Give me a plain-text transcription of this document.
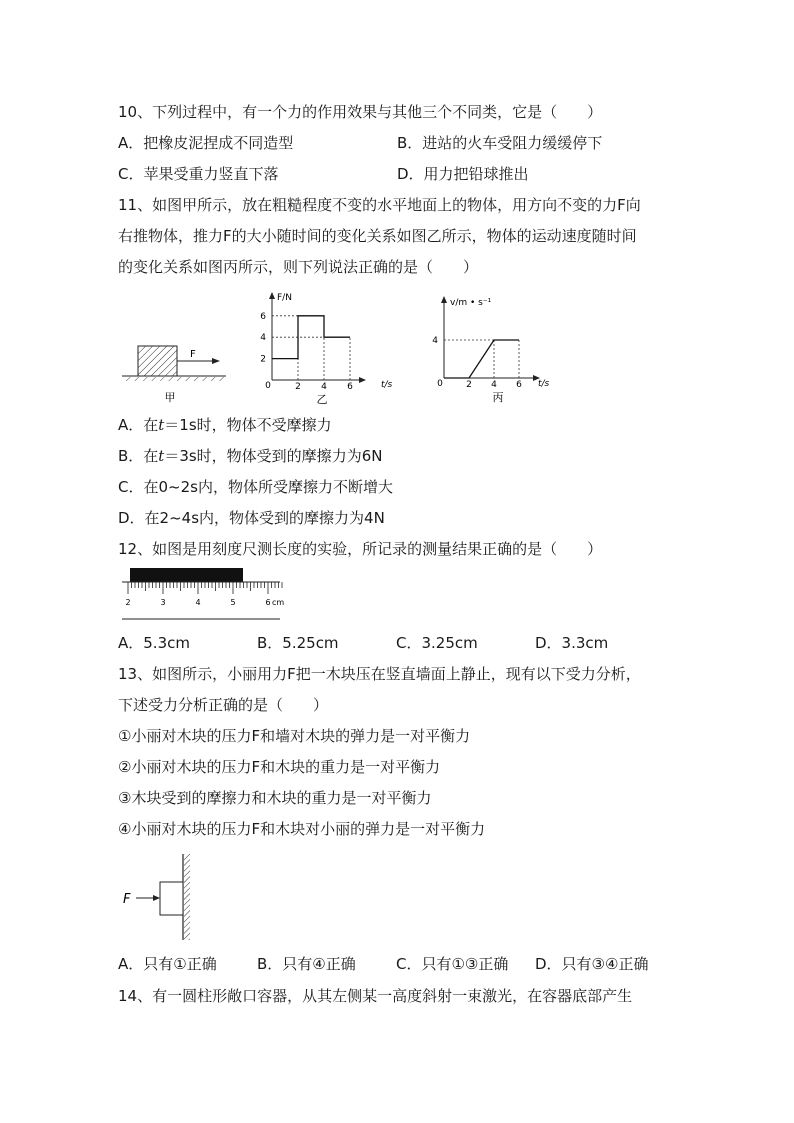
10、下列过程中，有一个力的作用效果与其他三个不同类，它是（　　）
A．把橡皮泥捏成不同造型	B．进站的火车受阻力缓缓停下
C．苹果受重力竖直下落	D．用力把铅球推出
11、如图甲所示，放在粗糙程度不变的水平地面上的物体，用方向不变的力F向
右推物体，推力F的大小随时间的变化关系如图乙所示，物体的运动速度随时间
的变化关系如图丙所示，则下列说法正确的是（　　）
F
甲
F/N
t/s
0	2 4 6
2
4
6
乙
v/m • s⁻¹
t/s
0	2 4 6
4
丙
A．在t＝1s时，物体不受摩擦力
B．在t＝3s时，物体受到的摩擦力为6N
C．在0~2s内，物体所受摩擦力不断增大
D．在2~4s内，物体受到的摩擦力为4N
12、如图是用刻度尺测长度的实验，所记录的测量结果正确的是（　　）
2	3	4	5	6 cm
A．5.3cm	B．5.25cm	C．3.25cm	D．3.3cm
13、如图所示，小丽用力F把一木块压在竖直墙面上静止，现有以下受力分析，
下述受力分析正确的是（　　）
①小丽对木块的压力F和墙对木块的弹力是一对平衡力
②小丽对木块的压力F和木块的重力是一对平衡力
③木块受到的摩擦力和木块的重力是一对平衡力
④小丽对木块的压力F和木块对小丽的弹力是一对平衡力
F
A．只有①正确	B．只有④正确	C．只有①③正确 D．只有③④正确
14、有一圆柱形敞口容器，从其左侧某一高度斜射一束激光，在容器底部产生
